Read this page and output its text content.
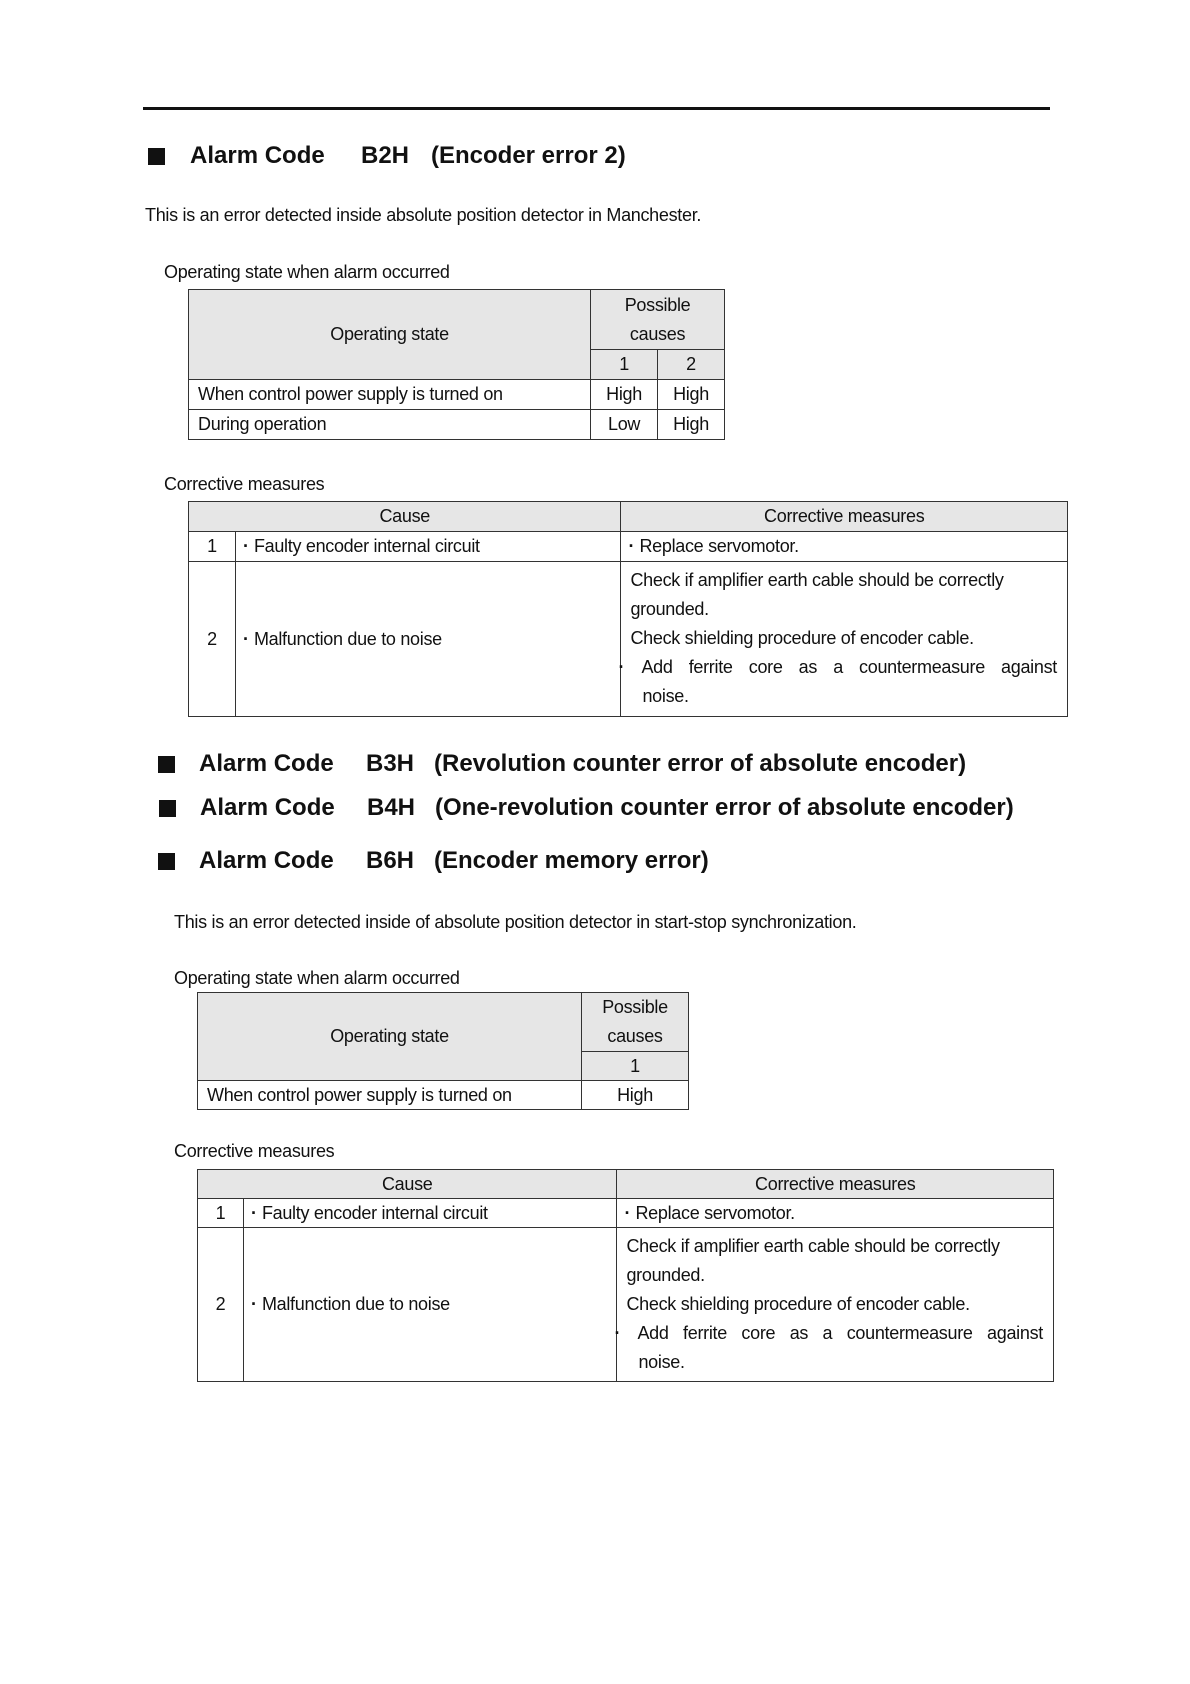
Alarm Code B2H (Encoder error 2)
This is an error detected inside absolute position detector in Manchester.
Operating state when alarm occurred
Operating state	Possible causes	
	1	2
When control power supply is turned on	High	High
During operation	Low	High
Corrective measures
Cause		Corrective measures
1	· Faulty encoder internal circuit	· Replace servomotor.
2	· Malfunction due to noise	Check if amplifier earth cable should be correctly grounded.
Check shielding procedure of encoder cable.
· Add ferrite core as a countermeasure against
noise.
Alarm Code B3H (Revolution counter error of absolute encoder)
Alarm Code B4H (One-revolution counter error of absolute encoder)
Alarm Code B6H (Encoder memory error)
This is an error detected inside of absolute position detector in start-stop synchronization.
Operating state when alarm occurred
Operating state	Possible causes
	1
When control power supply is turned on	High
Corrective measures
Cause		Corrective measures
1	· Faulty encoder internal circuit	· Replace servomotor.
2	· Malfunction due to noise	Check if amplifier earth cable should be correctly grounded.
Check shielding procedure of encoder cable.
· Add ferrite core as a countermeasure against
noise.
